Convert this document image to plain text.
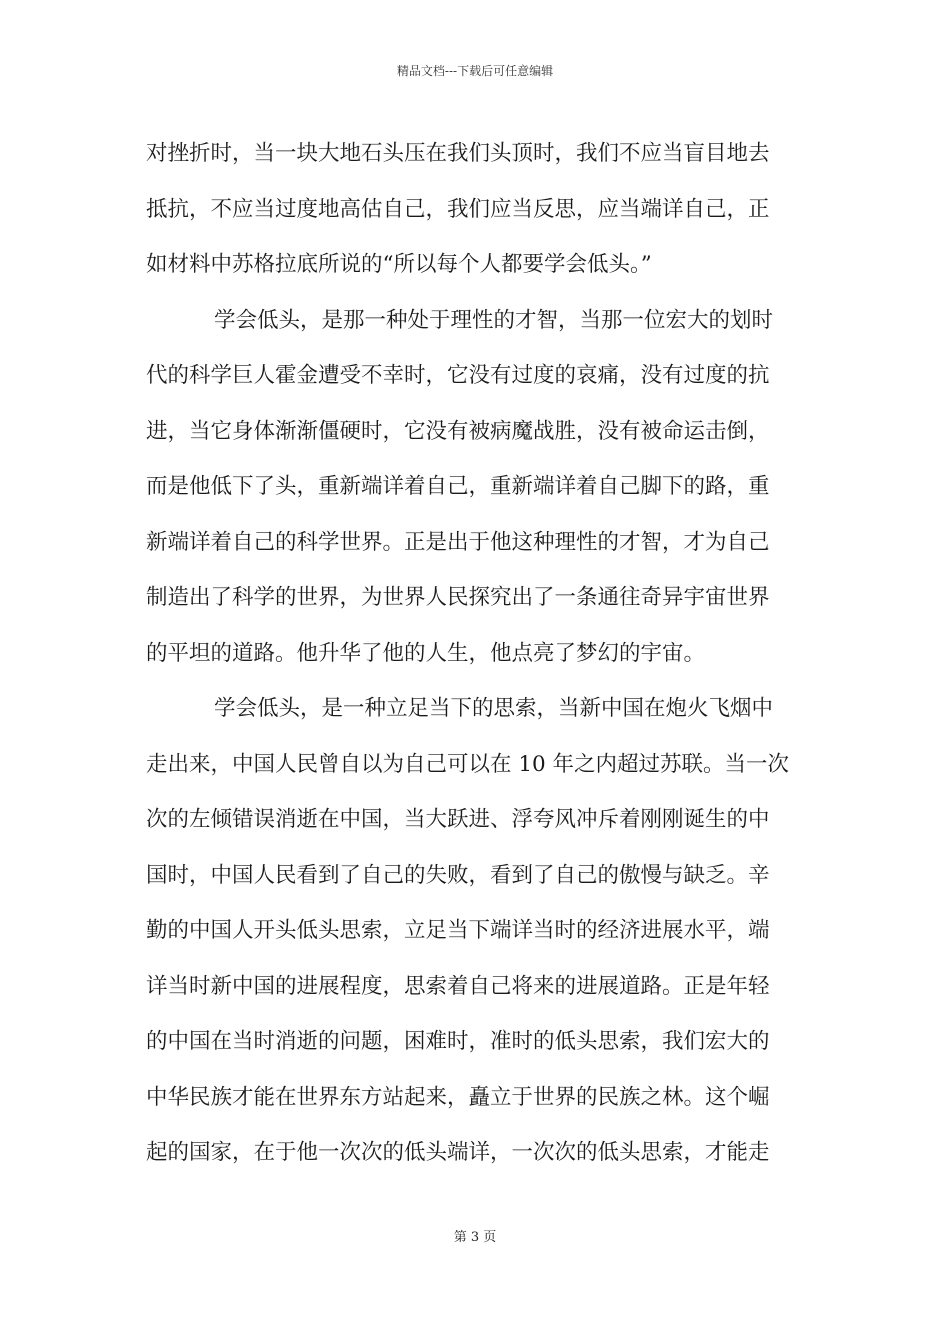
精品文档---下载后可任意编辑
对挫折时，当一块大地石头压在我们头顶时，我们不应当盲目地去
抵抗，不应当过度地高估自己，我们应当反思，应当端详自己，正
如材料中苏格拉底所说的“所以每个人都要学会低头。”
学会低头，是那一种处于理性的才智，当那一位宏大的划时
代的科学巨人霍金遭受不幸时，它没有过度的哀痛，没有过度的抗
进，当它身体渐渐僵硬时，它没有被病魔战胜，没有被命运击倒，
而是他低下了头，重新端详着自己，重新端详着自己脚下的路，重
新端详着自己的科学世界。正是出于他这种理性的才智，才为自己
制造出了科学的世界，为世界人民探究出了一条通往奇异宇宙世界
的平坦的道路。他升华了他的人生，他点亮了梦幻的宇宙。
学会低头，是一种立足当下的思索，当新中国在炮火飞烟中
走出来，中国人民曾自以为自己可以在 10 年之内超过苏联。当一次
次的左倾错误消逝在中国，当大跃进、浮夸风冲斥着刚刚诞生的中
国时，中国人民看到了自己的失败，看到了自己的傲慢与缺乏。辛
勤的中国人开头低头思索，立足当下端详当时的经济进展水平，端
详当时新中国的进展程度，思索着自己将来的进展道路。正是年轻
的中国在当时消逝的问题，困难时，准时的低头思索，我们宏大的
中华民族才能在世界东方站起来，矗立于世界的民族之林。这个崛
起的国家，在于他一次次的低头端详，一次次的低头思索，才能走
第 3 页
